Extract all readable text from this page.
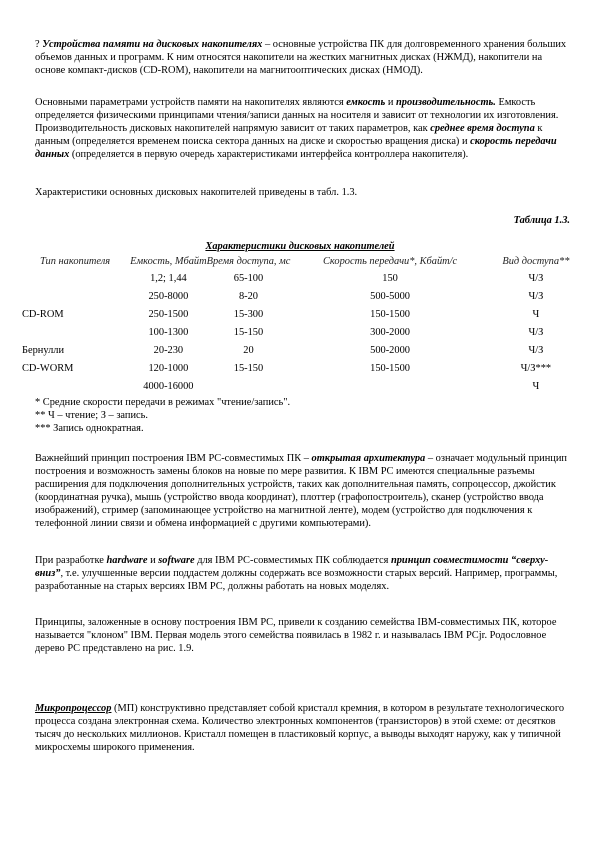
? Устройства памяти на дисковых накопителях – основные устройства ПК для долговременного хранения больших объемов данных и программ. К ним относятся накопители на жестких магнитных дисках (НЖМД), накопители на основе компакт-дисков (CD-ROM), накопители на магнитооптических дисках (НМОД).

Основными параметрами устройств памяти на накопителях являются емкость и производительность. Емкость определяется физическими принципами чтения/записи данных на носителя и зависит от технологии их изготовления. Производительность дисковых накопителей напрямую зависит от таких параметров, как среднее время доступа к данным (определяется временем поиска сектора данных на диске и скоростью вращения диска) и скорость передачи данных (определяется в первую очередь характеристиками интерфейса контроллера накопителя).

Характеристики основных дисковых накопителей приведены в табл. 1.3.

Таблица 1.3.

Характеристики дисковых накопителей

Тип накопителя	Емкость, Мбайт	Время доступа, мс	Скорость передачи*, Кбайт/с	Вид доступа**
	1,2; 1,44	65-100	150	Ч/З
	250-8000	8-20	500-5000	Ч/З
CD-ROM	250-1500	15-300	150-1500	Ч
	100-1300	15-150	300-2000	Ч/З
Бернулли	20-230	20	500-2000	Ч/З
CD-WORM	120-1000	15-150	150-1500	Ч/З***
	4000-16000			Ч

* Средние скорости передачи в режимах "чтение/запись".

** Ч – чтение; З – запись.

*** Запись однократная.

Важнейший принцип построения IBM PC-совместимых ПК – открытая архитектура – означает модульный принцип построения и возможность замены блоков на новые по мере развития. К IBM PC имеются специальные разъемы расширения для подключения дополнительных устройств, таких как дополнительная память, сопроцессор, джойстик (координатная ручка), мышь (устройство ввода координат), плоттер (графопостроитель), сканер (устройство ввода изображений), стример (запоминающее устройство на магнитной ленте), модем (устройство для подключения к телефонной линии связи и обмена информацией с другими компьютерами).

При разработке hardware и software для IBM PC-совместимых ПК соблюдается принцип совместимости “сверху-вниз”, т.е. улучшенные версии поддастем должны содержать все возможности старых версий. Например, программы, разработанные на старых версиях IBM PC, должны работать на новых моделях.

Принципы, заложенные в основу построения IBM PC, привели к созданию семейства IBM-совместимых ПК, которое называется "клоном" IBM. Первая модель этого семейства появилась в 1982 г. и называлась IBM PCjr. Родословное дерево PC представлено на рис. 1.9.

Микропроцессор (МП) конструктивно представляет собой кристалл кремния, в котором в результате технологического процесса создана электронная схема. Количество электронных компонентов (транзисторов) в этой схеме: от десятков тысяч до нескольких миллионов. Кристалл помещен в пластиковый корпус, а выводы выходят наружу, как у типичной микросхемы широкого применения.
